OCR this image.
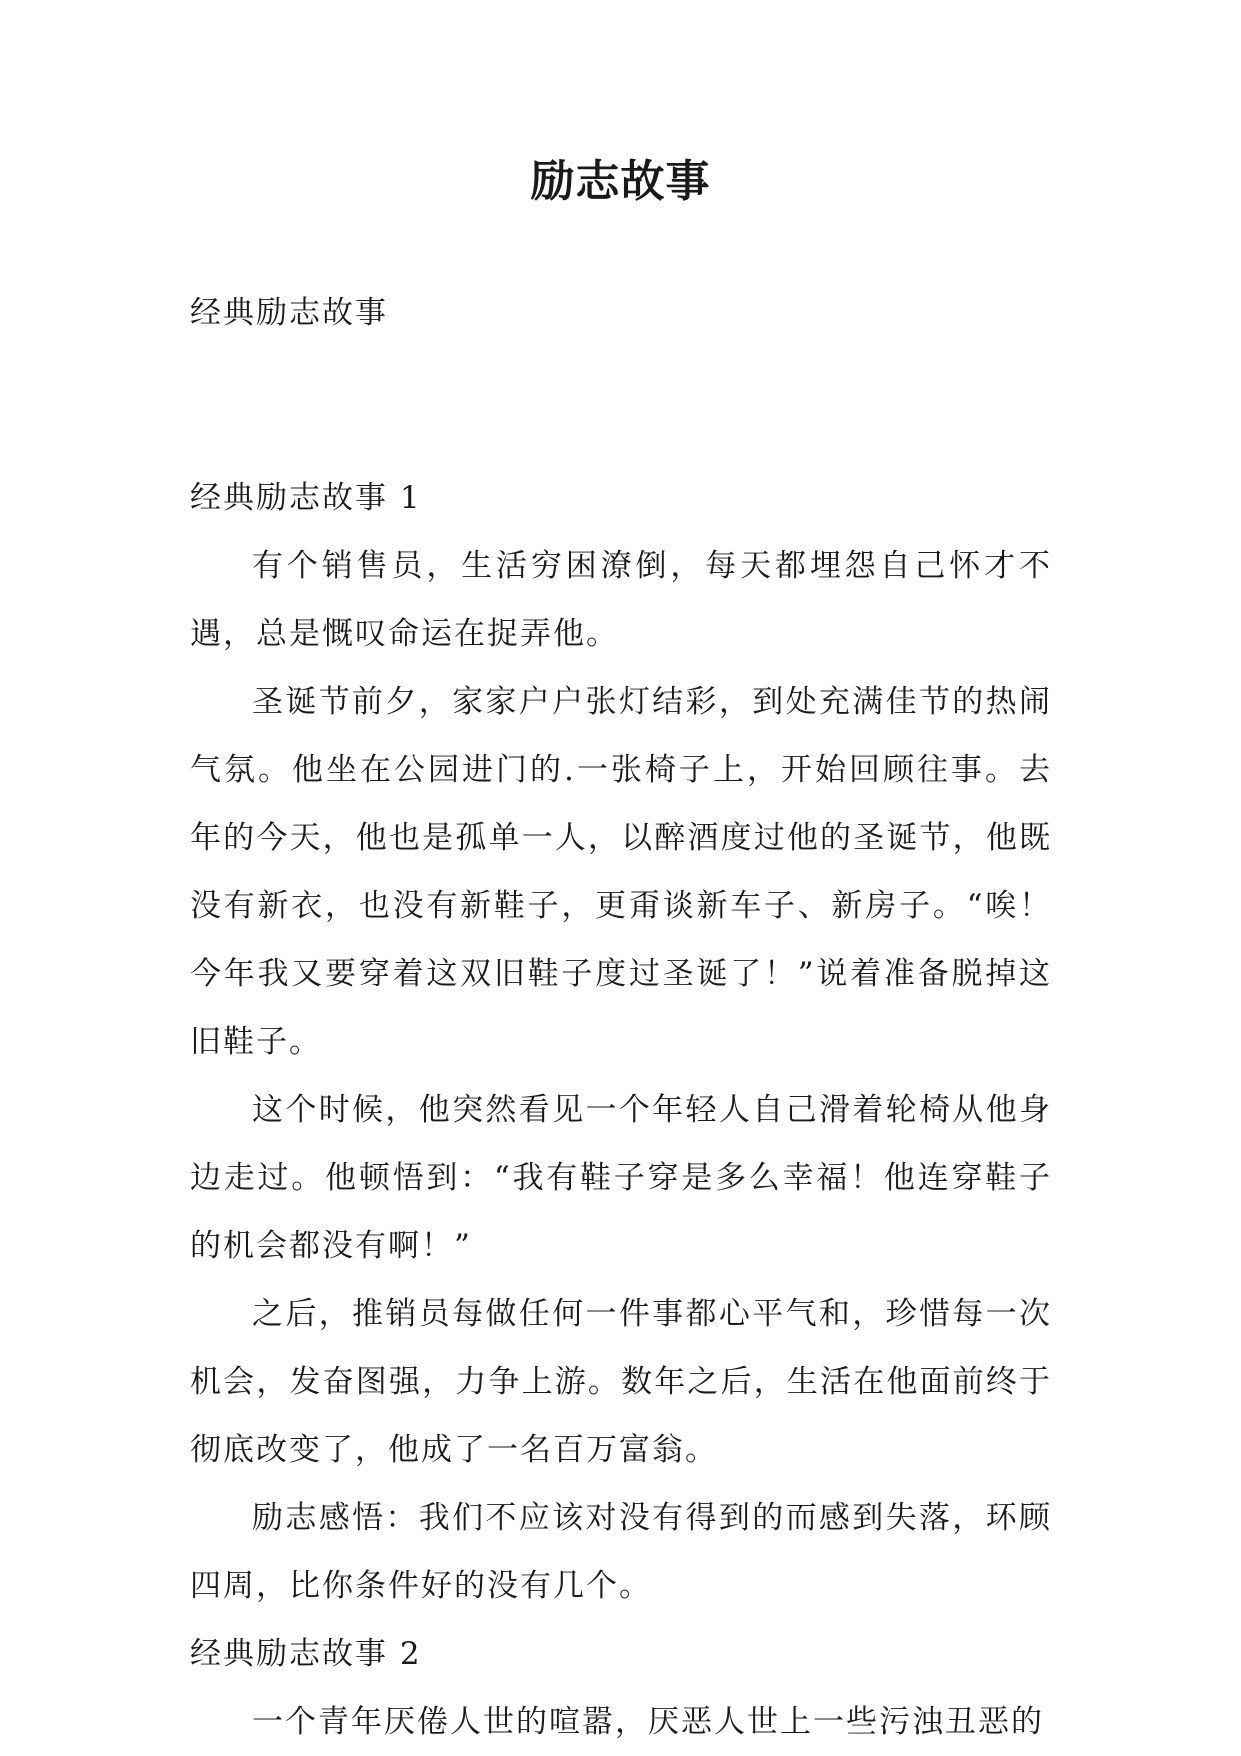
励志故事
经典励志故事
经典励志故事 1

有个销售员，生活穷困潦倒，每天都埋怨自己怀才不遇，总是慨叹命运在捉弄他。

圣诞节前夕，家家户户张灯结彩，到处充满佳节的热闹气氛。他坐在公园进门的.一张椅子上，开始回顾往事。去年的今天，他也是孤单一人，以醉酒度过他的圣诞节，他既没有新衣，也没有新鞋子，更甭谈新车子、新房子。“唉！今年我又要穿着这双旧鞋子度过圣诞了！”说着准备脱掉这旧鞋子。

这个时候，他突然看见一个年轻人自己滑着轮椅从他身边走过。他顿悟到：“我有鞋子穿是多么幸福！他连穿鞋子的机会都没有啊！”

之后，推销员每做任何一件事都心平气和，珍惜每一次机会，发奋图强，力争上游。数年之后，生活在他面前终于彻底改变了，他成了一名百万富翁。

励志感悟：我们不应该对没有得到的而感到失落，环顾四周，比你条件好的没有几个。

经典励志故事 2

一个青年厌倦人世的喧嚣，厌恶人世上一些污浊丑恶的
